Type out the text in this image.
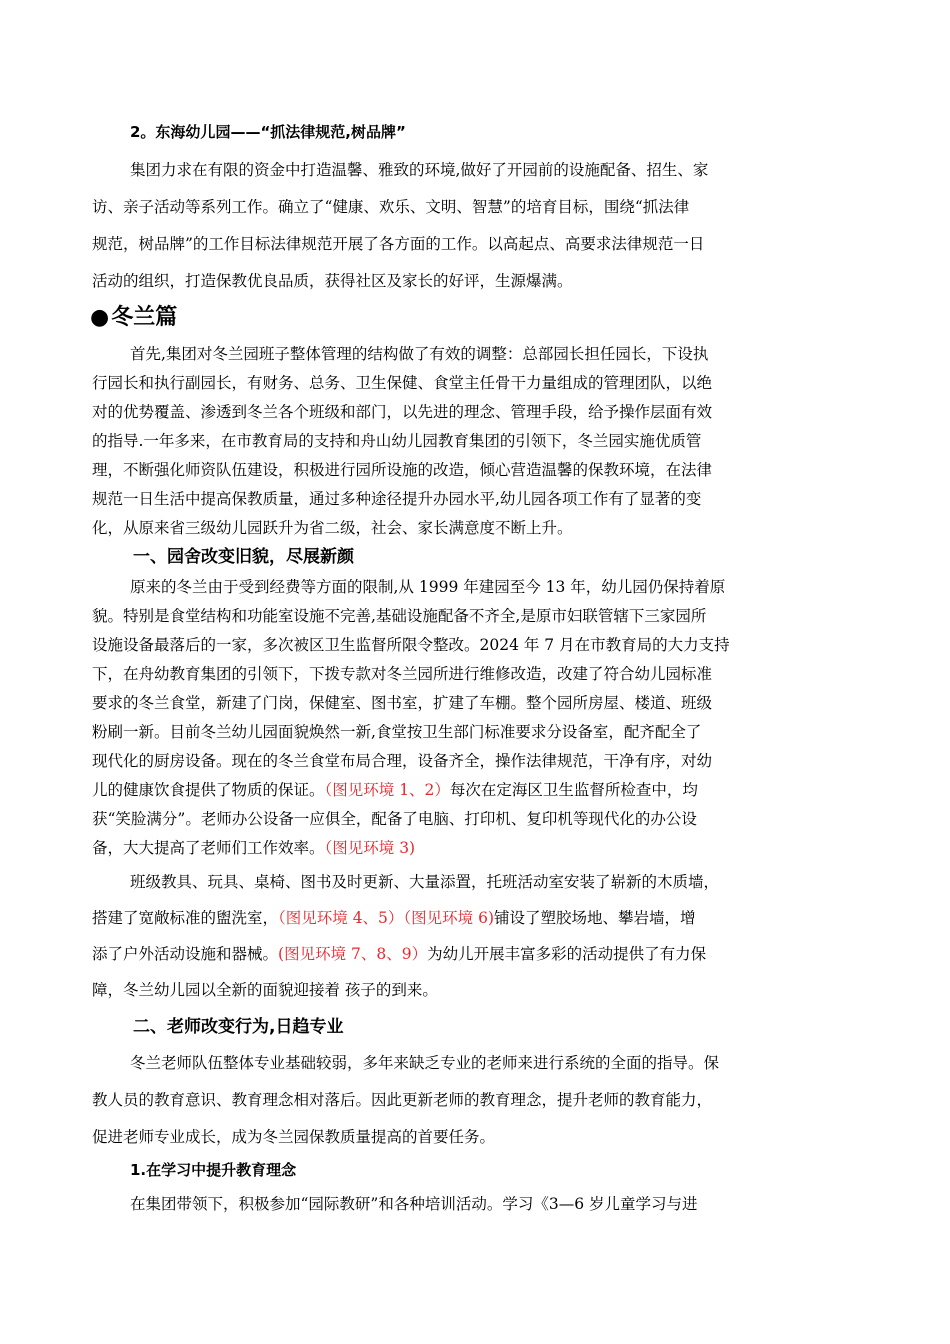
2。东海幼儿园——“抓法律规范,树品牌”
集团力求在有限的资金中打造温馨、雅致的环境,做好了开园前的设施配备、招生、家
访、亲子活动等系列工作。确立了“健康、欢乐、文明、智慧”的培育目标，围绕“抓法律
规范，树品牌”的工作目标法律规范开展了各方面的工作。以高起点、高要求法律规范一日
活动的组织，打造保教优良品质，获得社区及家长的好评，生源爆满。
●冬兰篇
首先,集团对冬兰园班子整体管理的结构做了有效的调整：总部园长担任园长，下设执
行园长和执行副园长，有财务、总务、卫生保健、食堂主任骨干力量组成的管理团队，以绝
对的优势覆盖、渗透到冬兰各个班级和部门，以先进的理念、管理手段，给予操作层面有效
的指导.一年多来，在市教育局的支持和舟山幼儿园教育集团的引领下，冬兰园实施优质管
理，不断强化师资队伍建设，积极进行园所设施的改造，倾心营造温馨的保教环境，在法律
规范一日生活中提高保教质量，通过多种途径提升办园水平,幼儿园各项工作有了显著的变
化，从原来省三级幼儿园跃升为省二级，社会、家长满意度不断上升。
一、园舍改变旧貌，尽展新颜
原来的冬兰由于受到经费等方面的限制,从 1999 年建园至今 13 年，幼儿园仍保持着原
貌。特别是食堂结构和功能室设施不完善,基础设施配备不齐全,是原市妇联管辖下三家园所
设施设备最落后的一家，多次被区卫生监督所限令整改。2024 年 7 月在市教育局的大力支持
下，在舟幼教育集团的引领下，下拨专款对冬兰园所进行维修改造，改建了符合幼儿园标准
要求的冬兰食堂，新建了门岗，保健室、图书室，扩建了车棚。整个园所房屋、楼道、班级
粉刷一新。目前冬兰幼儿园面貌焕然一新,食堂按卫生部门标准要求分设备室，配齐配全了
现代化的厨房设备。现在的冬兰食堂布局合理，设备齐全，操作法律规范，干净有序，对幼
儿的健康饮食提供了物质的保证。（图见环境 1、2）每次在定海区卫生监督所检查中，均
获“笑脸满分”。老师办公设备一应俱全，配备了电脑、打印机、复印机等现代化的办公设
备，大大提高了老师们工作效率。（图见环境 3)
班级教具、玩具、桌椅、图书及时更新、大量添置，托班活动室安装了崭新的木质墙，
搭建了宽敞标准的盥洗室，（图见环境 4、5）（图见环境 6)铺设了塑胶场地、攀岩墙，增
添了户外活动设施和器械。(图见环境 7、8、9）为幼儿开展丰富多彩的活动提供了有力保
障，冬兰幼儿园以全新的面貌迎接着 孩子的到来。
二、老师改变行为,日趋专业
冬兰老师队伍整体专业基础较弱，多年来缺乏专业的老师来进行系统的全面的指导。保
教人员的教育意识、教育理念相对落后。因此更新老师的教育理念，提升老师的教育能力，
促进老师专业成长，成为冬兰园保教质量提高的首要任务。
1.在学习中提升教育理念
在集团带领下，积极参加“园际教研”和各种培训活动。学习《3—6 岁儿童学习与进
